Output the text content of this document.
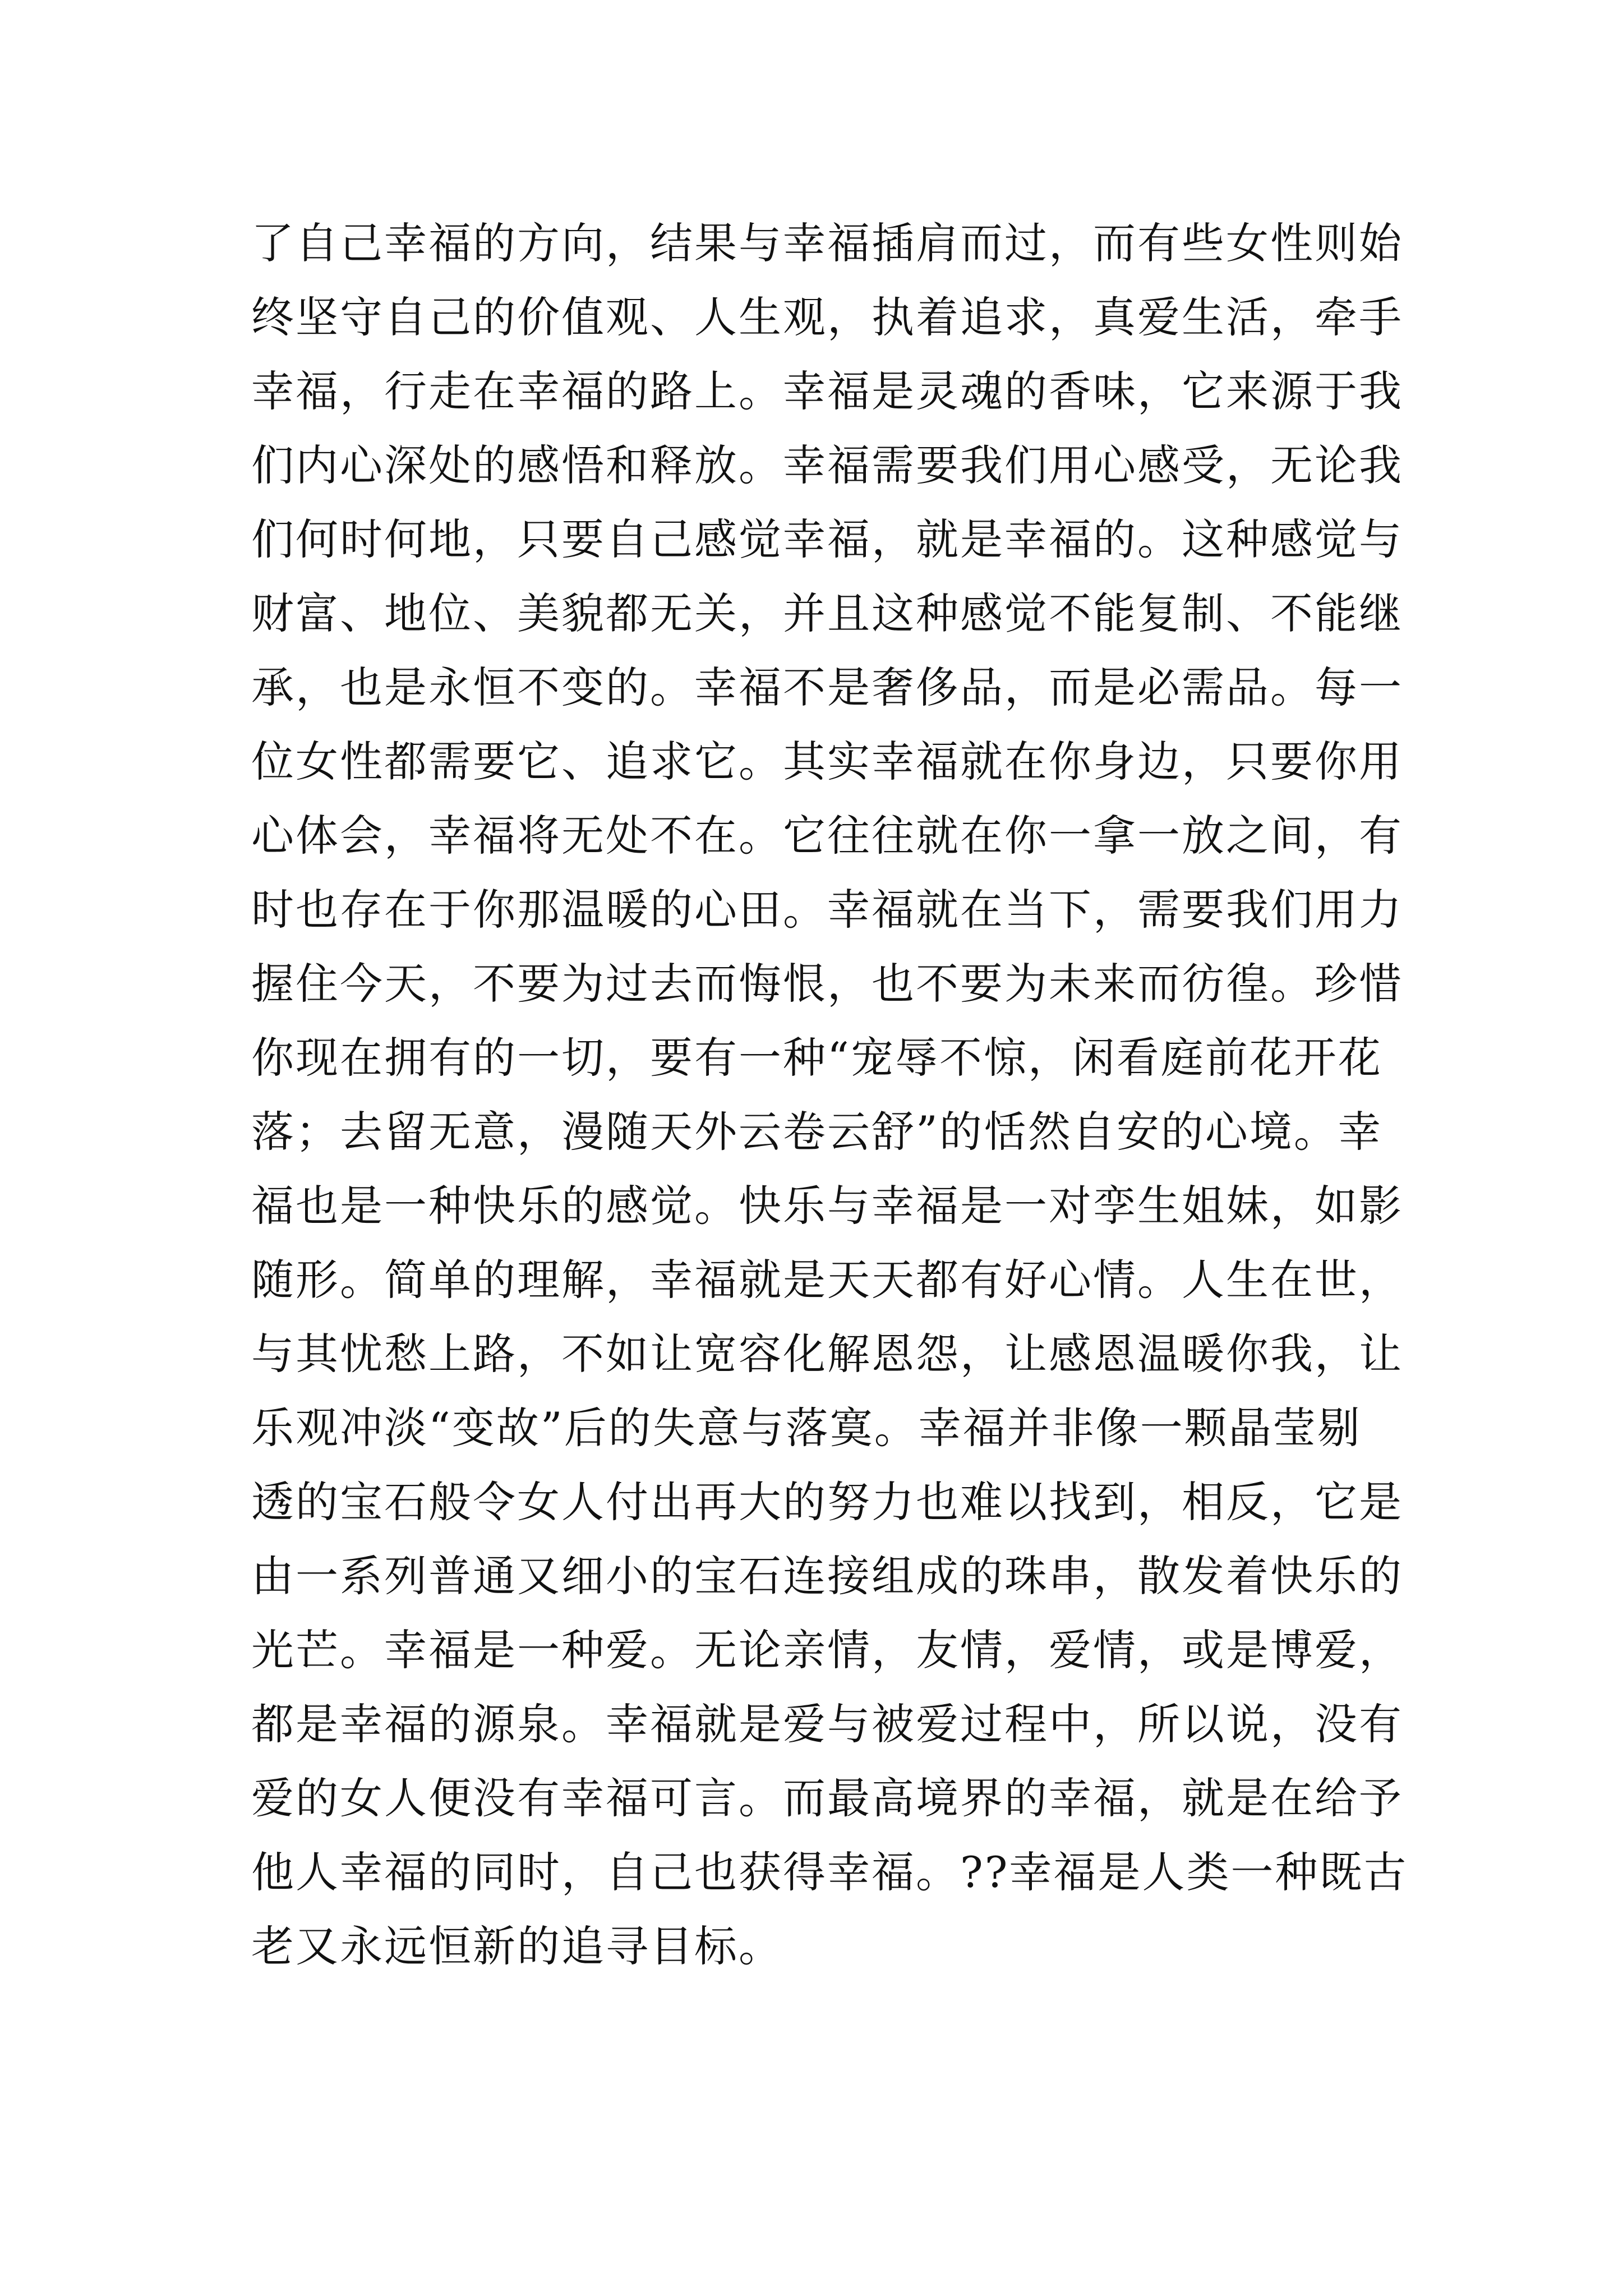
了自己幸福的方向，结果与幸福插肩而过，而有些女性则始
终坚守自己的价值观、人生观，执着追求，真爱生活，牵手
幸福，行走在幸福的路上。幸福是灵魂的香味，它来源于我
们内心深处的感悟和释放。幸福需要我们用心感受，无论我
们何时何地，只要自己感觉幸福，就是幸福的。这种感觉与
财富、地位、美貌都无关，并且这种感觉不能复制、不能继
承，也是永恒不变的。幸福不是奢侈品，而是必需品。每一
位女性都需要它、追求它。其实幸福就在你身边，只要你用
心体会，幸福将无处不在。它往往就在你一拿一放之间，有
时也存在于你那温暖的心田。幸福就在当下，需要我们用力
握住今天，不要为过去而悔恨，也不要为未来而彷徨。珍惜
你现在拥有的一切，要有一种“宠辱不惊，闲看庭前花开花
落；去留无意，漫随天外云卷云舒”的恬然自安的心境。幸
福也是一种快乐的感觉。快乐与幸福是一对孪生姐妹，如影
随形。简单的理解，幸福就是天天都有好心情。人生在世，
与其忧愁上路，不如让宽容化解恩怨，让感恩温暖你我，让
乐观冲淡“变故”后的失意与落寞。幸福并非像一颗晶莹剔
透的宝石般令女人付出再大的努力也难以找到，相反，它是
由一系列普通又细小的宝石连接组成的珠串，散发着快乐的
光芒。幸福是一种爱。无论亲情，友情，爱情，或是博爱，
都是幸福的源泉。幸福就是爱与被爱过程中，所以说，没有
爱的女人便没有幸福可言。而最高境界的幸福，就是在给予
他人幸福的同时，自己也获得幸福。??幸福是人类一种既古
老又永远恒新的追寻目标。
